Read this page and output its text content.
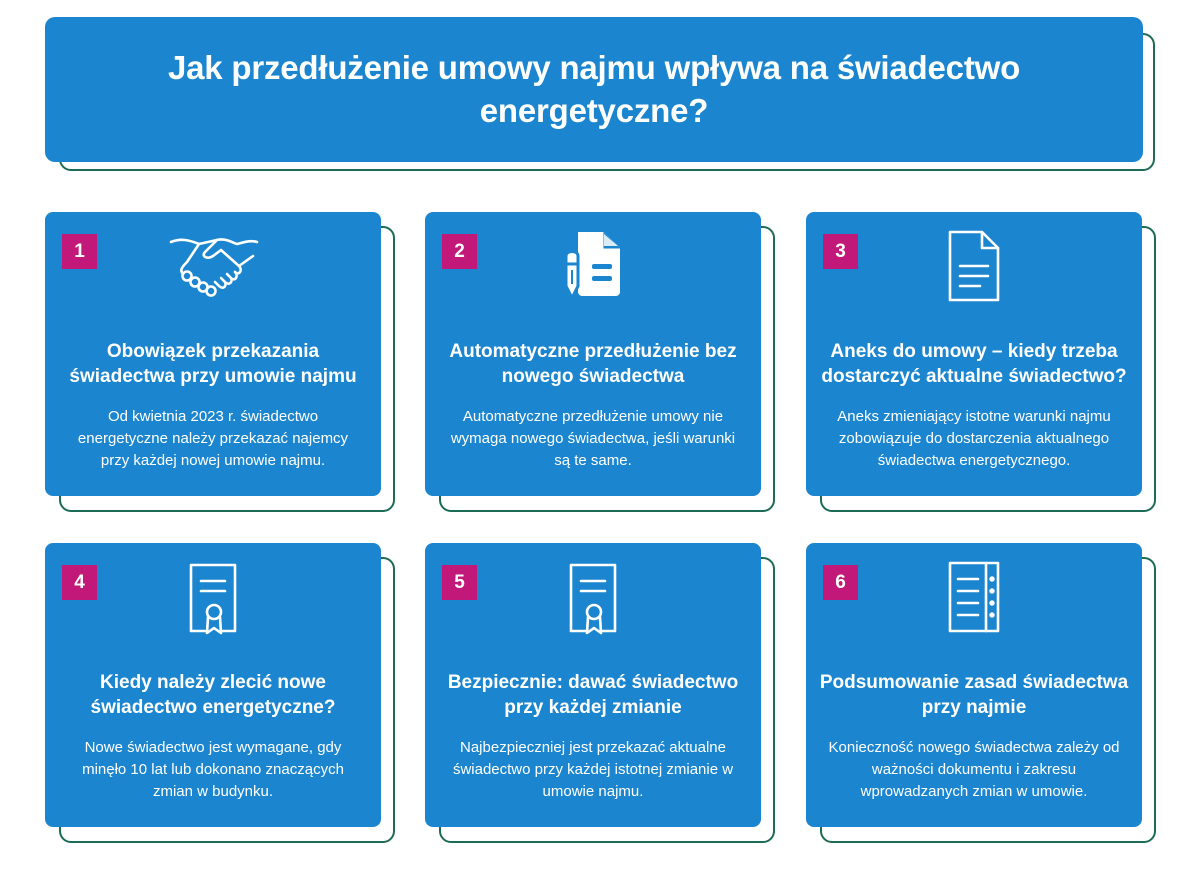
Jak przedłużenie umowy najmu wpływa na świadectwo energetyczne?
1
Obowiązek przekazania świadectwa przy umowie najmu

Od kwietnia 2023 r. świadectwo energetyczne należy przekazać najemcy przy każdej nowej umowie najmu.

2
Automatyczne przedłużenie bez nowego świadectwa

Automatyczne przedłużenie umowy nie wymaga nowego świadectwa, jeśli warunki są te same.

3
Aneks do umowy – kiedy trzeba dostarczyć aktualne świadectwo?

Aneks zmieniający istotne warunki najmu zobowiązuje do dostarczenia aktualnego świadectwa energetycznego.

4
Kiedy należy zlecić nowe świadectwo energetyczne?

Nowe świadectwo jest wymagane, gdy minęło 10 lat lub dokonano znaczących zmian w budynku.

5
Bezpiecznie: dawać świadectwo przy każdej zmianie

Najbezpieczniej jest przekazać aktualne świadectwo przy każdej istotnej zmianie w umowie najmu.

6
Podsumowanie zasad świadectwa przy najmie

Konieczność nowego świadectwa zależy od ważności dokumentu i zakresu wprowadzanych zmian w umowie.
